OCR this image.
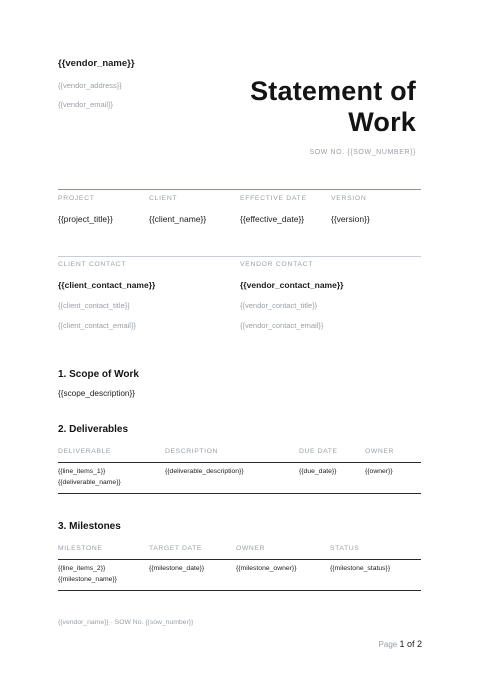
{{vendor_name}}
{{vendor_address}}
{{vendor_email}}	Statement of
Work
SOW NO. {{SOW_NUMBER}}
PROJECT	CLIENT	EFFECTIVE DATE	VERSION
{{project_title}}	{{client_name}}	{{effective_date}}	{{version}}
CLIENT CONTACT	VENDOR CONTACT
{{client_contact_name}}	{{vendor_contact_name}}
{{client_contact_title}}	{{vendor_contact_title}}
{{client_contact_email}}	{{vendor_contact_email}}
1. Scope of Work
{{scope_description}}
2. Deliverables
DELIVERABLE	DESCRIPTION	DUE DATE	OWNER
{{line_items_1}}
{{deliverable_name}}
{{deliverable_description}}	{{due_date}}	{{owner}}
3. Milestones
MILESTONE	TARGET DATE	OWNER	STATUS
{{line_items_2}}
{{milestone_name}}
{{milestone_date}}	{{milestone_owner}}	{{milestone_status}}
{{vendor_name}} · SOW No. {{sow_number}}
Page 1 of 2
